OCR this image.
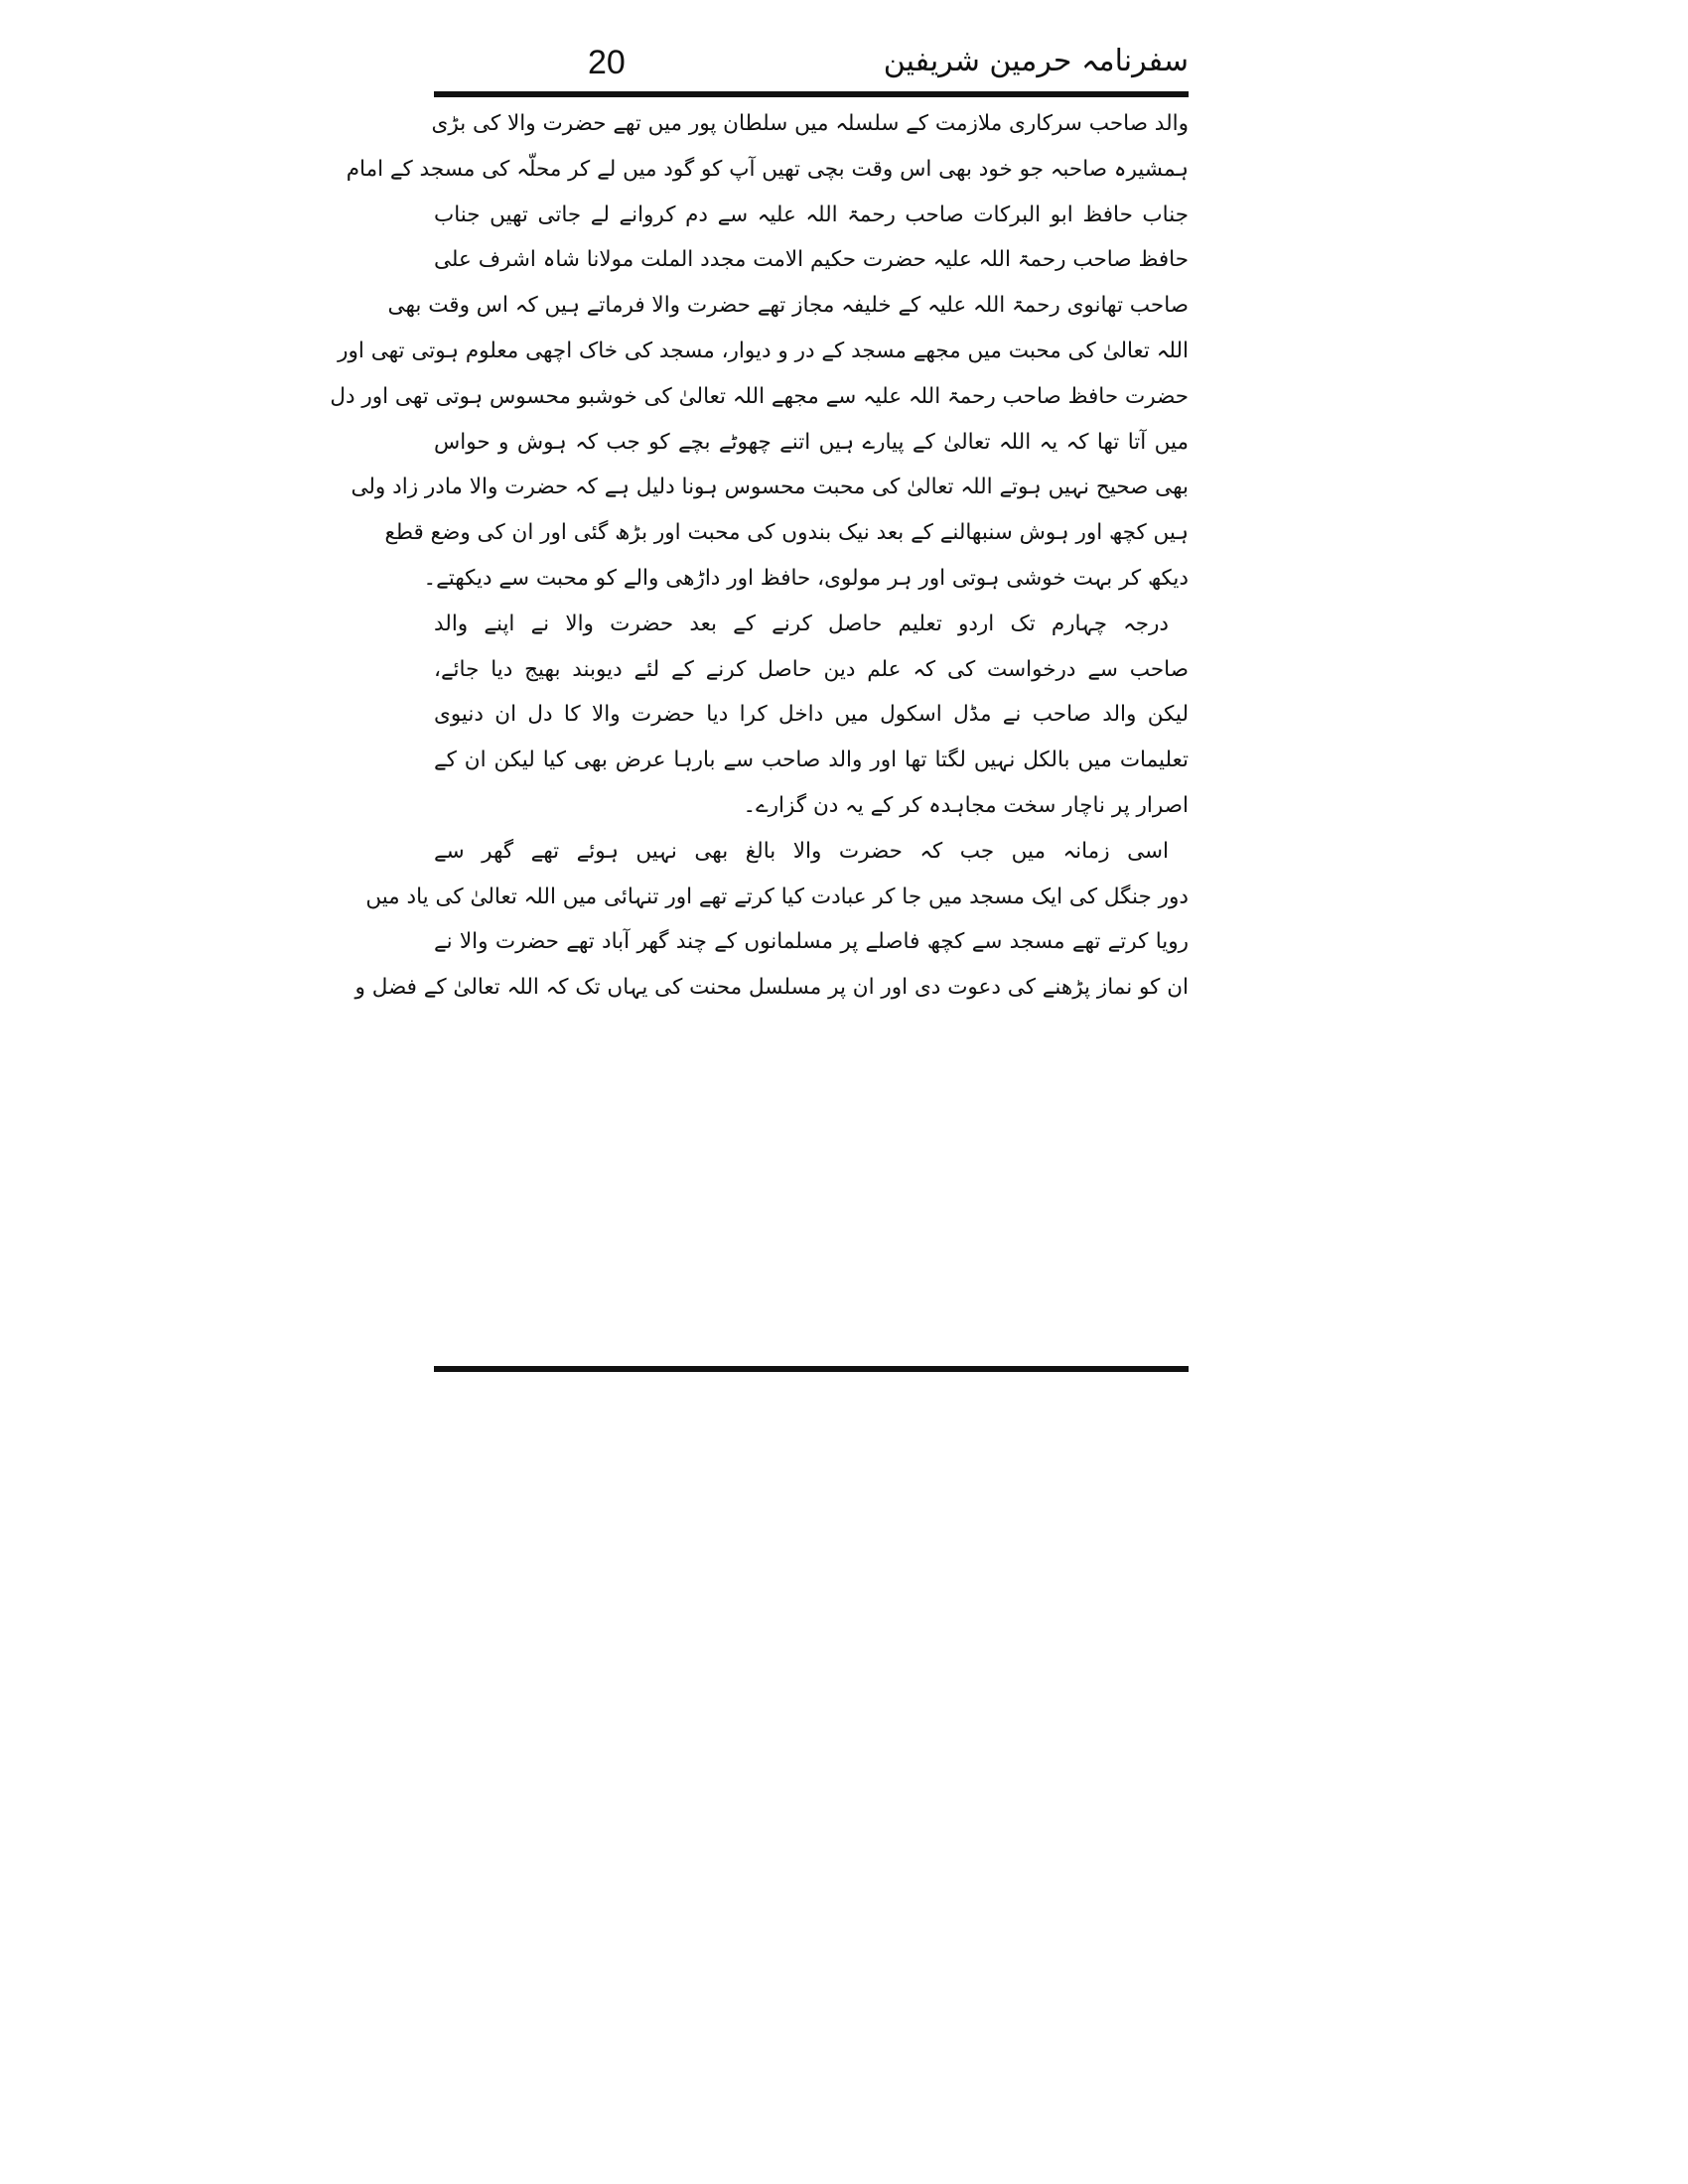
20	سفرنامہ حرمین شریفین
والد صاحب سرکاری ملازمت کے سلسلہ میں سلطان پور میں تھے حضرت والا کی بڑی
ہمشیرہ صاحبہ جو خود بھی اس وقت بچی تھیں آپ کو گود میں لے کر محلّہ کی مسجد کے امام
جناب حافظ ابو البرکات صاحب رحمۃ اللہ علیہ سے دم کروانے لے جاتی تھیں جناب
حافظ صاحب رحمۃ اللہ علیہ حضرت حکیم الامت مجدد الملت مولانا شاہ اشرف علی
صاحب تھانوی رحمۃ اللہ علیہ کے خلیفہ مجاز تھے حضرت والا فرماتے ہیں کہ اس وقت بھی
اللہ تعالیٰ کی محبت میں مجھے مسجد کے در و دیوار، مسجد کی خاک اچھی معلوم ہوتی تھی اور
حضرت حافظ صاحب رحمۃ اللہ علیہ سے مجھے اللہ تعالیٰ کی خوشبو محسوس ہوتی تھی اور دل
میں آتا تھا کہ یہ اللہ تعالیٰ کے پیارے ہیں اتنے چھوٹے بچے کو جب کہ ہوش و حواس
بھی صحیح نہیں ہوتے اللہ تعالیٰ کی محبت محسوس ہونا دلیل ہے کہ حضرت والا مادر زاد ولی
ہیں کچھ اور ہوش سنبھالنے کے بعد نیک بندوں کی محبت اور بڑھ گئی اور ان کی وضع قطع
دیکھ کر بہت خوشی ہوتی اور ہر مولوی، حافظ اور داڑھی والے کو محبت سے دیکھتے۔
درجہ چہارم تک اردو تعلیم حاصل کرنے کے بعد حضرت والا نے اپنے والد
صاحب سے درخواست کی کہ علم دین حاصل کرنے کے لئے دیوبند بھیج دیا جائے،
لیکن والد صاحب نے مڈل اسکول میں داخل کرا دیا حضرت والا کا دل ان دنیوی
تعلیمات میں بالکل نہیں لگتا تھا اور والد صاحب سے بارہا عرض بھی کیا لیکن ان کے
اصرار پر ناچار سخت مجاہدہ کر کے یہ دن گزارے۔
اسی زمانہ میں جب کہ حضرت والا بالغ بھی نہیں ہوئے تھے گھر سے
دور جنگل کی ایک مسجد میں جا کر عبادت کیا کرتے تھے اور تنہائی میں اللہ تعالیٰ کی یاد میں
رویا کرتے تھے مسجد سے کچھ فاصلے پر مسلمانوں کے چند گھر آباد تھے حضرت والا نے
ان کو نماز پڑھنے کی دعوت دی اور ان پر مسلسل محنت کی یہاں تک کہ اللہ تعالیٰ کے فضل و
